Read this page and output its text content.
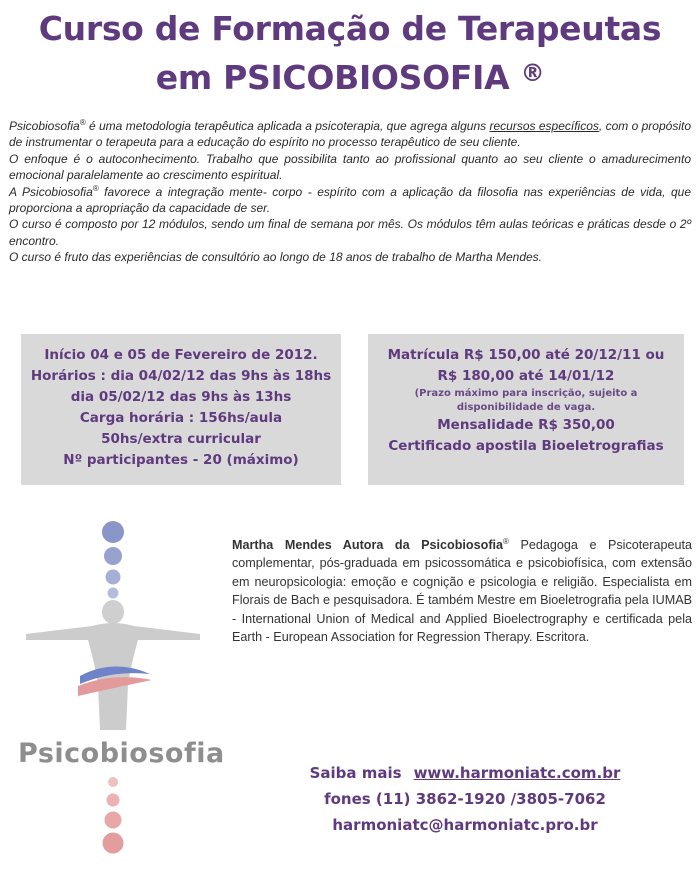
Curso de Formação de Terapeutas
em PSICOBIOSOFIA ®

Psicobiosofia® é uma metodologia terapêutica aplicada a psicoterapia, que agrega alguns recursos específicos, com o propósito de instrumentar o terapeuta para a educação do espírito no processo terapêutico de seu cliente.

O enfoque é o autoconhecimento. Trabalho que possibilita tanto ao profissional quanto ao seu cliente o amadurecimento emocional paralelamente ao crescimento espiritual.

A Psicobiosofia® favorece a integração mente- corpo - espírito com a aplicação da filosofia nas experiências de vida, que proporciona a apropriação da capacidade de ser.

O curso é composto por 12 módulos, sendo um final de semana por mês. Os módulos têm aulas teóricas e práticas desde o 2º encontro.

O curso é fruto das experiências de consultório ao longo de 18 anos de trabalho de Martha Mendes.

Início 04 e 05 de Fevereiro de 2012.
Horários : dia 04/02/12 das 9hs às 18hs
dia 05/02/12 das 9hs às 13hs
Carga horária : 156hs/aula
50hs/extra curricular
Nº participantes - 20 (máximo)
Matrícula R$ 150,00 até 20/12/11 ou
R$ 180,00 até 14/01/12
(Prazo máximo para inscrição, sujeito a
disponibilidade de vaga.
Mensalidade R$ 350,00
Certificado apostila Bioeletrografias
Psicobiosofia
Martha Mendes Autora da Psicobiosofia® Pedagoga e Psicoterapeuta complementar, pós-graduada em psicossomática e psicobiofísica, com extensão em neuropsicologia: emoção e cognição e psicologia e religião. Especialista em Florais de Bach e pesquisadora. É também Mestre em Bioeletrografia pela IUMAB - International Union of Medical and Applied Bioelectrography e certificada pela Earth - European Association for Regression Therapy. Escritora.
Saiba mais www.harmoniatc.com.br
fones (11) 3862-1920 /3805-7062
harmoniatc@harmoniatc.pro.br
